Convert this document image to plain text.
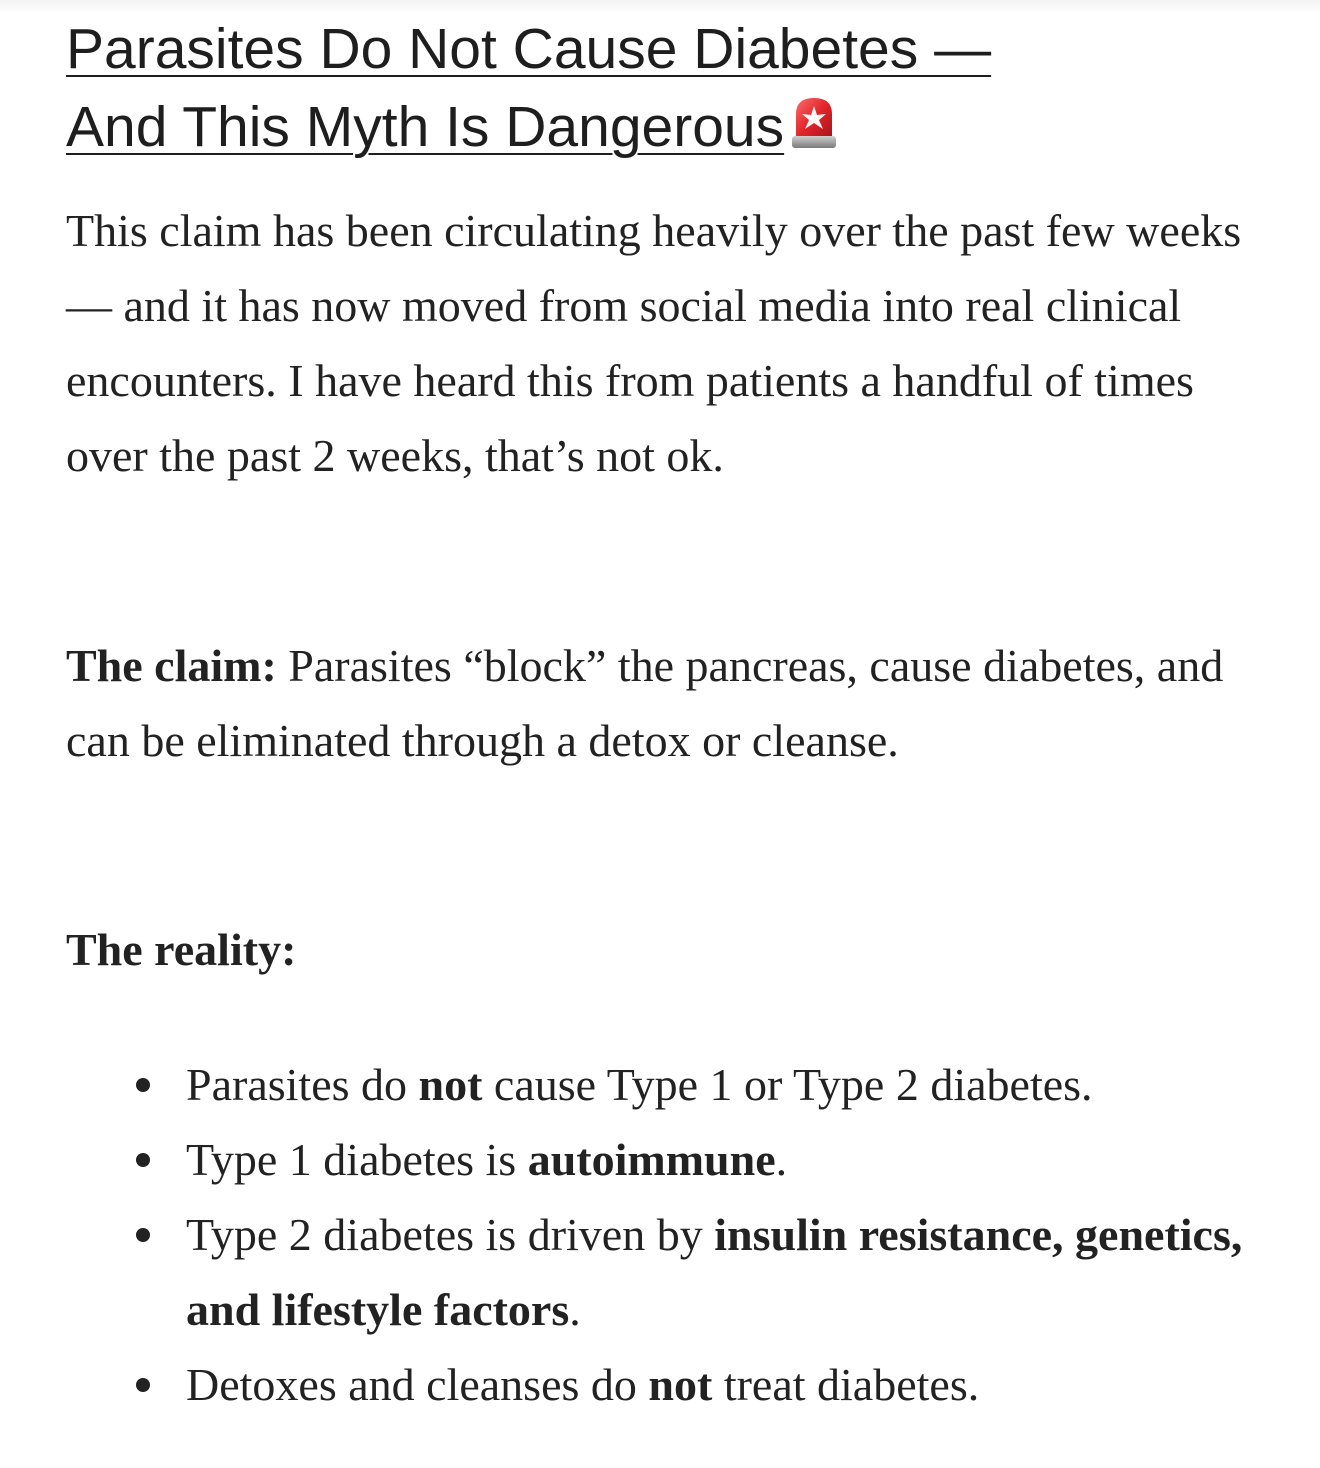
Parasites Do Not Cause Diabetes —
And This Myth Is Dangerous

This claim has been circulating heavily over the past few weeks — and it has now moved from social media into real clinical encounters. I have heard this from patients a handful of times over the past 2 weeks, that’s not ok.

The claim: Parasites “block” the pancreas, cause diabetes, and can be eliminated through a detox or cleanse.

The reality:

Parasites do not cause Type 1 or Type 2 diabetes.
Type 1 diabetes is autoimmune.
Type 2 diabetes is driven by insulin resistance, genetics, and lifestyle factors.
Detoxes and cleanses do not treat diabetes.
